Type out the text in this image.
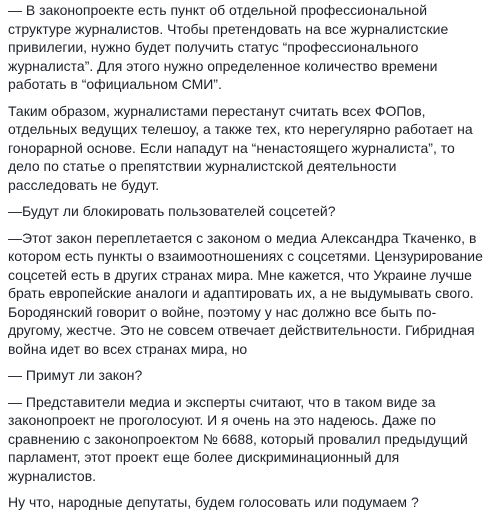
— В законопроекте есть пункт об отдельной профессиональной
структуре журналистов. Чтобы претендовать на все журналистские
привилегии, нужно будет получить статус “профессионального
журналиста”. Для этого нужно определенное количество времени
работать в “официальном СМИ”.

Таким образом, журналистами перестанут считать всех ФОПов,
отдельных ведущих телешоу, а также тех, кто нерегулярно работает на
гонорарной основе. Если нападут на “ненастоящего журналиста”, то
дело по статье о препятствии журналистской деятельности
расследовать не будут.

—Будут ли блокировать пользователей соцсетей?

—Этот закон переплетается с законом о медиа Александра Ткаченко, в
котором есть пункты о взаимоотношениях с соцсетями. Цензурирование
соцсетей есть в других странах мира. Мне кажется, что Украине лучше
брать европейские аналоги и адаптировать их, а не выдумывать свого.
Бородянский говорит о войне, поэтому у нас должно все быть по-
другому, жестче. Это не совсем отвечает действительности. Гибридная
война идет во всех странах мира, но

— Примут ли закон?

— Представители медиа и эксперты считают, что в таком виде за
законопроект не проголосуют. И я очень на это надеюсь. Даже по
сравнению с законопроектом № 6688, который провалил предыдущий
парламент, этот проект еще более дискриминационный для
журналистов.

Ну что, народные депутаты, будем голосовать или подумаем ?
